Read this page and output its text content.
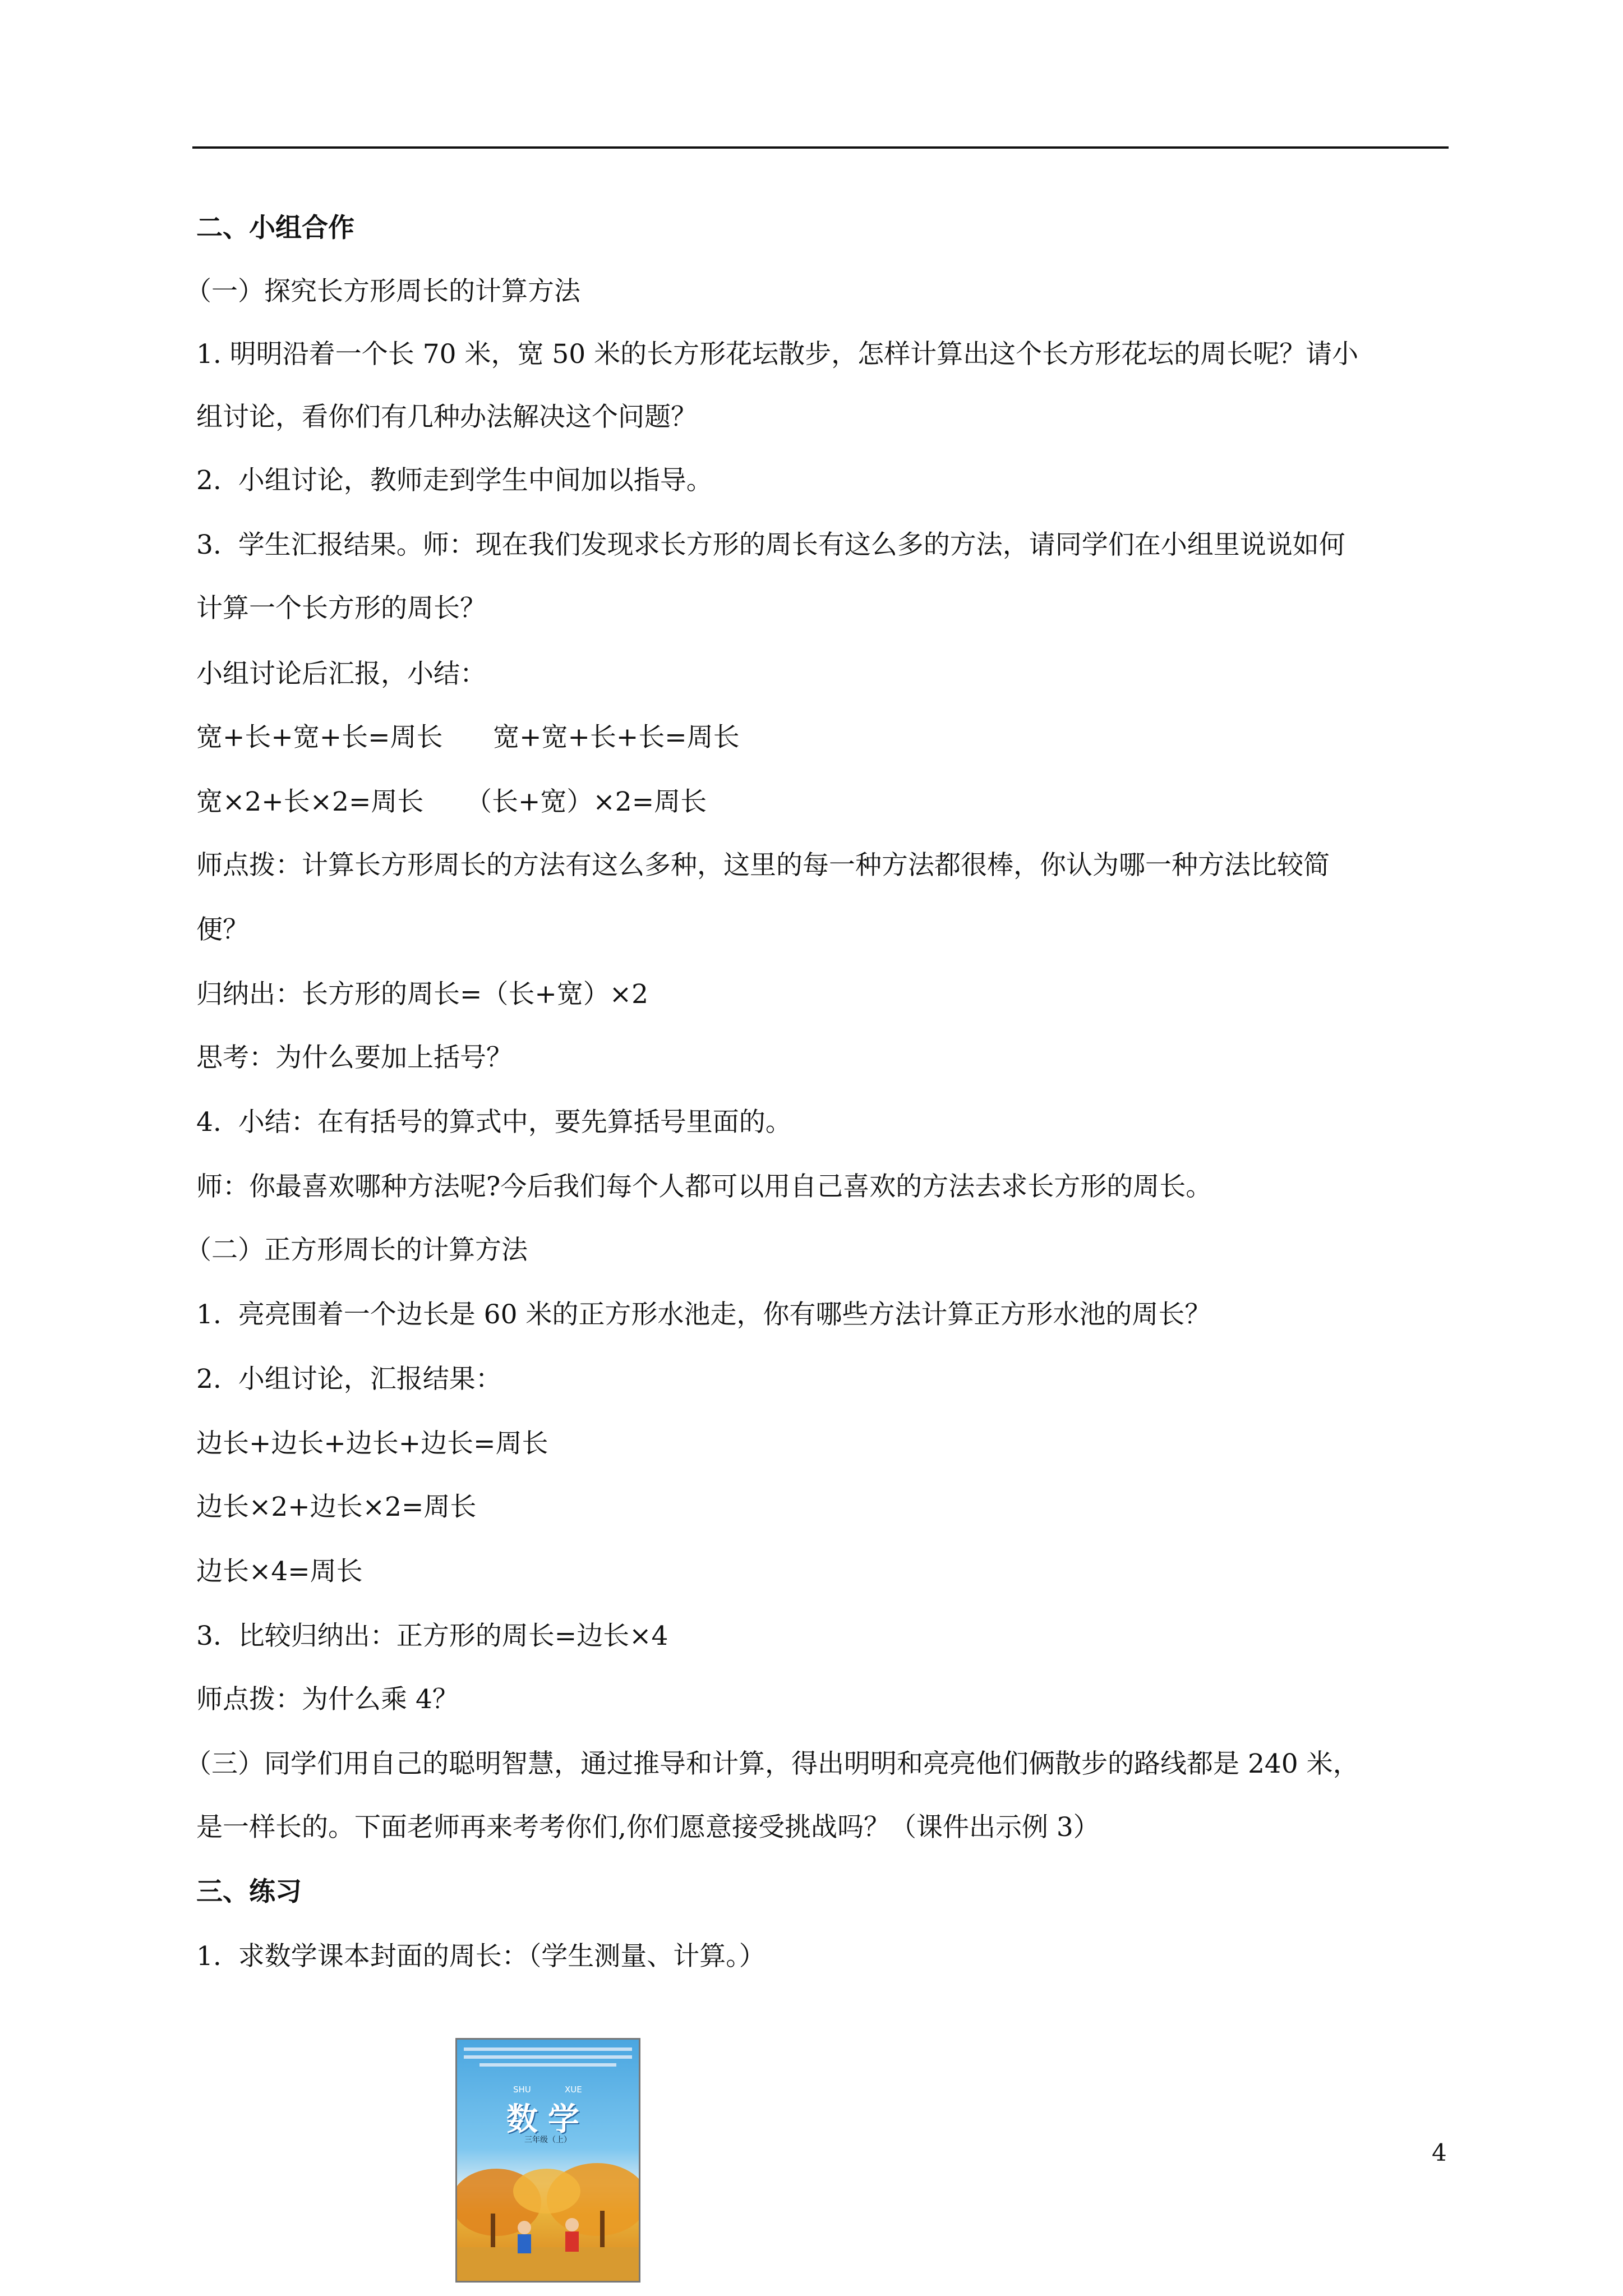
二、小组合作
（一）探究长方形周长的计算方法
1. 明明沿着一个长 70 米，宽 50 米的长方形花坛散步，怎样计算出这个长方形花坛的周长呢？请小
组讨论，看你们有几种办法解决这个问题？
2.  小组讨论，教师走到学生中间加以指导。
3.  学生汇报结果。师：现在我们发现求长方形的周长有这么多的方法，请同学们在小组里说说如何
计算一个长方形的周长？
小组讨论后汇报，小结：
宽+长+宽+长=周长      宽+宽+长+长=周长
宽×2+长×2=周长     （长+宽）×2=周长
师点拨：计算长方形周长的方法有这么多种，这里的每一种方法都很棒，你认为哪一种方法比较简
便？
归纳出：长方形的周长=（长+宽）×2
思考：为什么要加上括号？
4.  小结：在有括号的算式中，要先算括号里面的。
师：你最喜欢哪种方法呢?今后我们每个人都可以用自己喜欢的方法去求长方形的周长。
（二）正方形周长的计算方法
1.  亮亮围着一个边长是 60 米的正方形水池走，你有哪些方法计算正方形水池的周长？
2.  小组讨论，汇报结果：
边长+边长+边长+边长=周长
边长×2+边长×2=周长
边长×4=周长
3.  比较归纳出：正方形的周长=边长×4
师点拨：为什么乘 4？
（三）同学们用自己的聪明智慧，通过推导和计算，得出明明和亮亮他们俩散步的路线都是 240 米，
是一样长的。下面老师再来考考你们,你们愿意接受挑战吗？（课件出示例 3）
三、练习
1.  求数学课本封面的周长：（学生测量、计算。）
SHU	XUE
数学
三年级（上）	4
